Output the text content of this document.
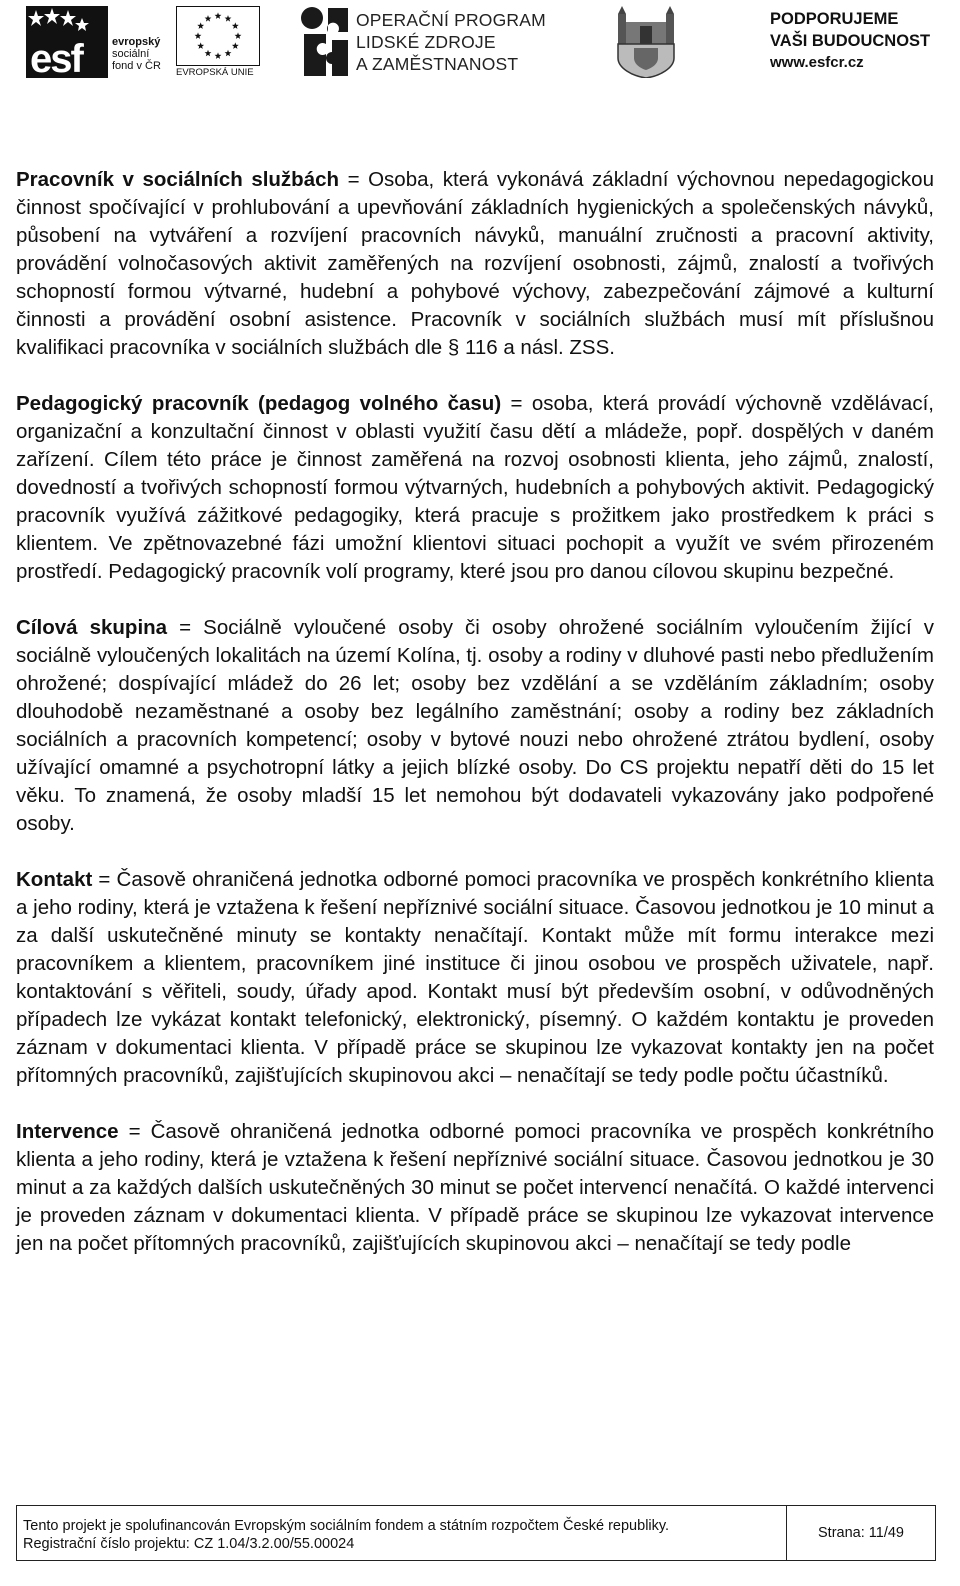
esf	evropský
sociální
fond v ČR
EVROPSKÁ UNIE
OPERAČNÍ PROGRAM
LIDSKÉ ZDROJE
A ZAMĚSTNANOST
PODPORUJEME
VAŠI BUDOUCNOST
www.esfcr.cz

Pracovník v sociálních službách = Osoba, která vykonává základní výchovnou nepedagogickou činnost spočívající v prohlubování a upevňování základních hygienických a společenských návyků, působení na vytváření a rozvíjení pracovních návyků, manuální zručnosti a pracovní aktivity, provádění volnočasových aktivit zaměřených na rozvíjení osobnosti, zájmů, znalostí a tvořivých schopností formou výtvarné, hudební a pohybové výchovy, zabezpečování zájmové a kulturní činnosti a provádění osobní asistence. Pracovník v sociálních službách musí mít příslušnou kvalifikaci pracovníka v sociálních službách dle § 116 a násl. ZSS.

Pedagogický pracovník (pedagog volného času) = osoba, která provádí výchovně vzdělávací, organizační a konzultační činnost v oblasti využití času dětí a mládeže, popř. dospělých v daném zařízení. Cílem této práce je činnost zaměřená na rozvoj osobnosti klienta, jeho zájmů, znalostí, dovedností a tvořivých schopností formou výtvarných, hudebních a pohybových aktivit. Pedagogický pracovník využívá zážitkové pedagogiky, která pracuje s prožitkem jako prostředkem k práci s klientem. Ve zpětnovazebné fázi umožní klientovi situaci pochopit a využít ve svém přirozeném prostředí. Pedagogický pracovník volí programy, které jsou pro danou cílovou skupinu bezpečné.

Cílová skupina = Sociálně vyloučené osoby či osoby ohrožené sociálním vyloučením žijící v sociálně vyloučených lokalitách na území Kolína, tj. osoby a rodiny v dluhové pasti nebo předlužením ohrožené; dospívající mládež do 26 let; osoby bez vzdělání a se vzděláním základním; osoby dlouhodobě nezaměstnané a osoby bez legálního zaměstnání; osoby a rodiny bez základních sociálních a pracovních kompetencí; osoby v bytové nouzi nebo ohrožené ztrátou bydlení, osoby užívající omamné a psychotropní látky a jejich blízké osoby. Do CS projektu nepatří děti do 15 let věku. To znamená, že osoby mladší 15 let nemohou být dodavateli vykazovány jako podpořené osoby.

Kontakt = Časově ohraničená jednotka odborné pomoci pracovníka ve prospěch konkrétního klienta a jeho rodiny, která je vztažena k řešení nepříznivé sociální situace. Časovou jednotkou je 10 minut a za další uskutečněné minuty se kontakty nenačítají. Kontakt může mít formu interakce mezi pracovníkem a klientem, pracovníkem jiné instituce či jinou osobou ve prospěch uživatele, např. kontaktování s věřiteli, soudy, úřady apod. Kontakt musí být především osobní, v odůvodněných případech lze vykázat kontakt telefonický, elektronický, písemný. O každém kontaktu je proveden záznam v dokumentaci klienta. V případě práce se skupinou lze vykazovat kontakty jen na počet přítomných pracovníků, zajišťujících skupinovou akci – nenačítají se tedy podle počtu účastníků.

Intervence = Časově ohraničená jednotka odborné pomoci pracovníka ve prospěch konkrétního klienta a jeho rodiny, která je vztažena k řešení nepříznivé sociální situace. Časovou jednotkou je 30 minut a za každých dalších uskutečněných 30 minut se počet intervencí nenačítá. O každé intervenci je proveden záznam v dokumentaci klienta. V případě práce se skupinou lze vykazovat intervence jen na počet přítomných pracovníků, zajišťujících skupinovou akci – nenačítají se tedy podle

Tento projekt je spolufinancován Evropským sociálním fondem a státním rozpočtem České republiky.
Registrační číslo projektu: CZ 1.04/3.2.00/55.00024
Strana: 11/49
